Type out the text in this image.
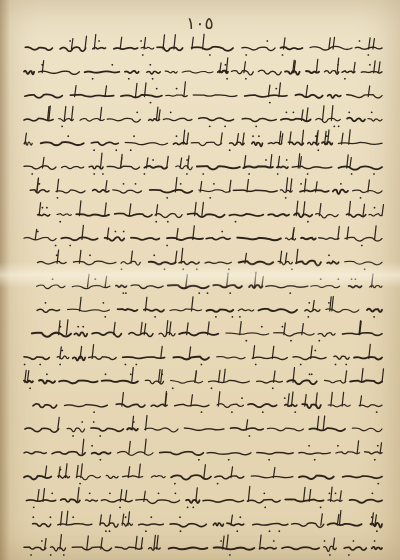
١٠٥
